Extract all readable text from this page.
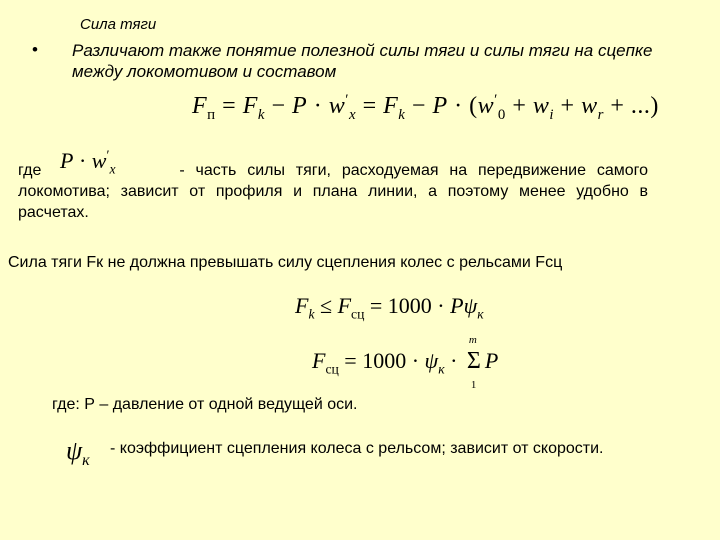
Сила тяги
• Различают также понятие полезной силы тяги и силы тяги на сцепке между локомотивом и составом
$F_п = F_k - P \cdot w'_x = F_k - P \cdot (w'_0 + w_i + w_r$ + ...)
где	- часть силы тяги, расходуемая на передвижение самого локомотива; зависит от профиля и плана линии, а поэтому менее удобно в расчетах.
$P \cdot w'_x$
Сила тяги Fк не должна превышать силу сцепления колес с рельсами Fсц
$F_k \le F_{сц} = 1000 \cdot P\psi_к$
$F_{сц} = 1000 \cdot \psi_к$ ·
m
Σ
1
P
где: Р – давление от одной ведущей оси.
$\psi_к$
- коэффициент сцепления колеса с рельсом; зависит от скорости.
